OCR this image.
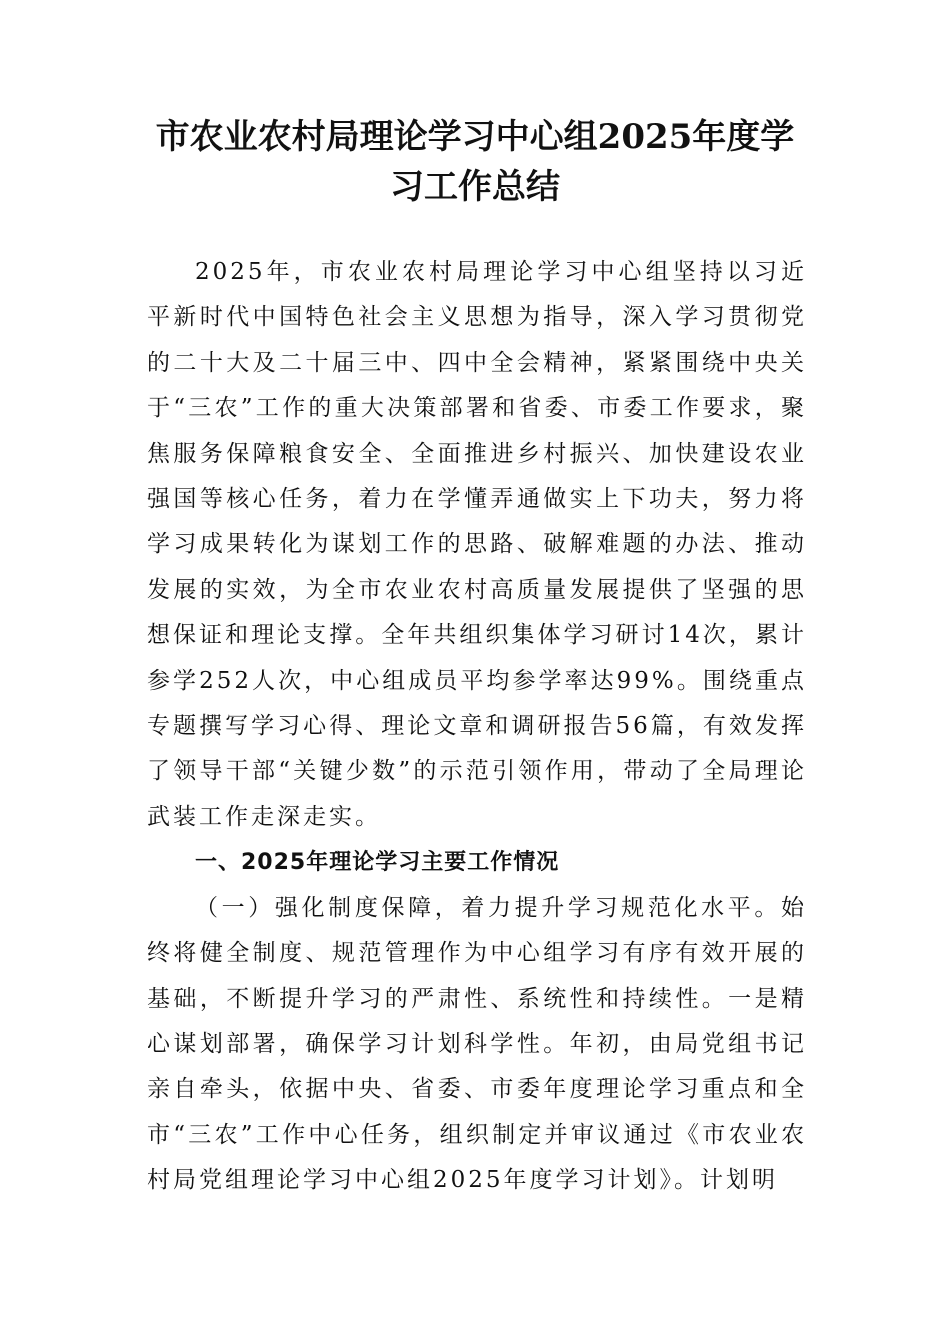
市农业农村局理论学习中心组2025年度学习工作总结

2025年，市农业农村局理论学习中心组坚持以习近平新时代中国特色社会主义思想为指导，深入学习贯彻党的二十大及二十届三中、四中全会精神，紧紧围绕中央关于“三农”工作的重大决策部署和省委、市委工作要求，聚焦服务保障粮食安全、全面推进乡村振兴、加快建设农业强国等核心任务，着力在学懂弄通做实上下功夫，努力将学习成果转化为谋划工作的思路、破解难题的办法、推动发展的实效，为全市农业农村高质量发展提供了坚强的思想保证和理论支撑。全年共组织集体学习研讨14次，累计参学252人次，中心组成员平均参学率达99%。围绕重点专题撰写学习心得、理论文章和调研报告56篇，有效发挥了领导干部“关键少数”的示范引领作用，带动了全局理论武装工作走深走实。

一、2025年理论学习主要工作情况

（一）强化制度保障，着力提升学习规范化水平。始终将健全制度、规范管理作为中心组学习有序有效开展的基础，不断提升学习的严肃性、系统性和持续性。一是精心谋划部署，确保学习计划科学性。年初，由局党组书记亲自牵头，依据中央、省委、市委年度理论学习重点和全市“三农”工作中心任务，组织制定并审议通过《市农业农村局党组理论学习中心组2025年度学习计划》。计划明
